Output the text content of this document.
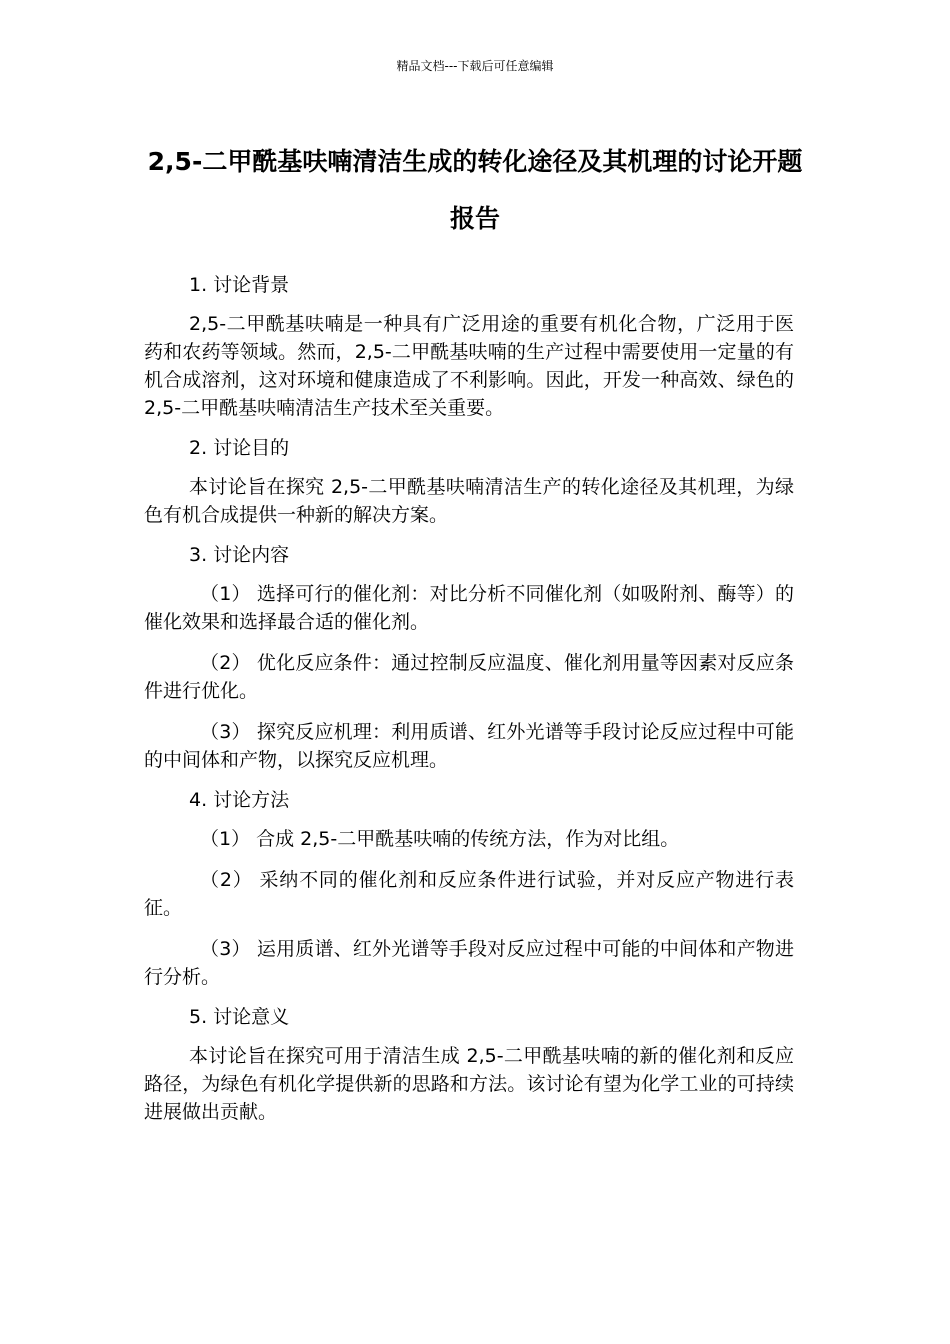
精品文档---下载后可任意编辑
2,5-二甲酰基呋喃清洁生成的转化途径及其机理的讨论开题报告

1. 讨论背景

2,5-二甲酰基呋喃是一种具有广泛用途的重要有机化合物，广泛用于医药和农药等领域。然而，2,5-二甲酰基呋喃的生产过程中需要使用一定量的有机合成溶剂，这对环境和健康造成了不利影响。因此，开发一种高效、绿色的 2,5-二甲酰基呋喃清洁生产技术至关重要。

2. 讨论目的

本讨论旨在探究 2,5-二甲酰基呋喃清洁生产的转化途径及其机理，为绿色有机合成提供一种新的解决方案。

3. 讨论内容

（1） 选择可行的催化剂：对比分析不同催化剂（如吸附剂、酶等）的催化效果和选择最合适的催化剂。

（2） 优化反应条件：通过控制反应温度、催化剂用量等因素对反应条件进行优化。

（3） 探究反应机理：利用质谱、红外光谱等手段讨论反应过程中可能的中间体和产物，以探究反应机理。

4. 讨论方法

（1） 合成 2,5-二甲酰基呋喃的传统方法，作为对比组。

（2） 采纳不同的催化剂和反应条件进行试验，并对反应产物进行表征。

（3） 运用质谱、红外光谱等手段对反应过程中可能的中间体和产物进行分析。

5. 讨论意义

本讨论旨在探究可用于清洁生成 2,5-二甲酰基呋喃的新的催化剂和反应路径，为绿色有机化学提供新的思路和方法。该讨论有望为化学工业的可持续进展做出贡献。
